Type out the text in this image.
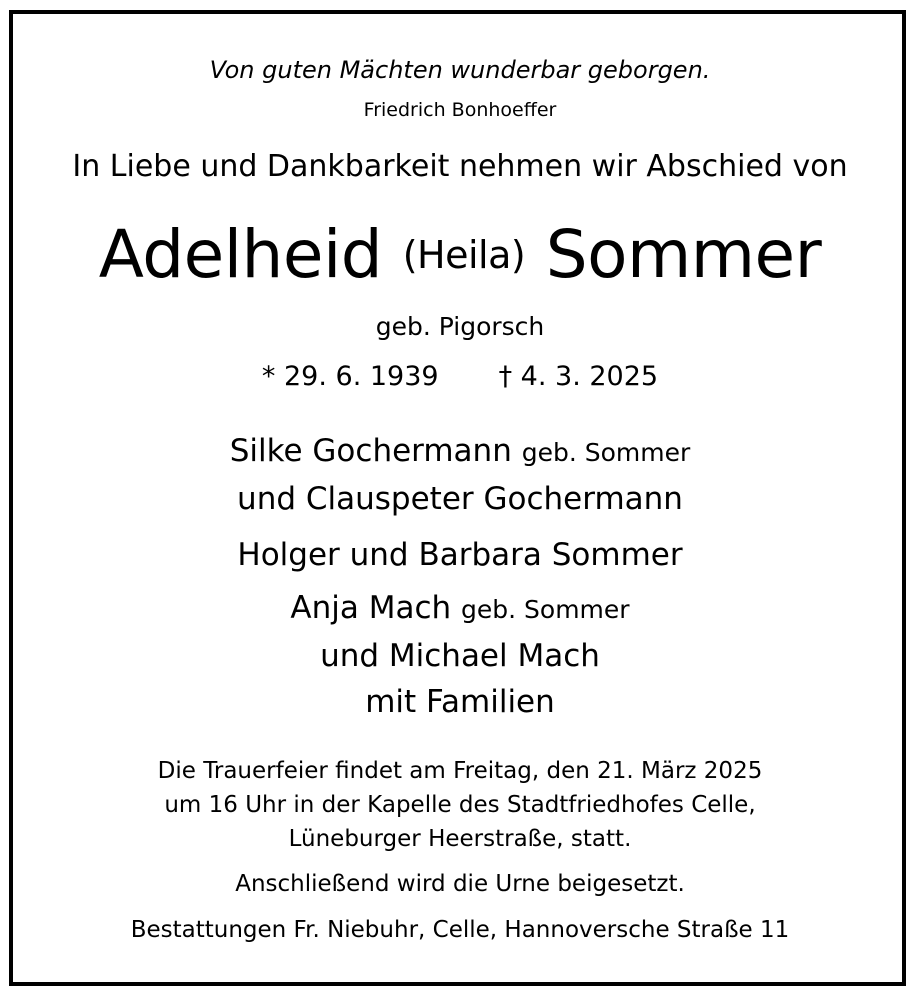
Von guten Mächten wunderbar geborgen.
Friedrich Bonhoeffer
In Liebe und Dankbarkeit nehmen wir Abschied von
Adelheid (Heila) Sommer
geb. Pigorsch
* 29. 6. 1939 † 4. 3. 2025
Silke Gochermann geb. Sommer
und Clauspeter Gochermann
Holger und Barbara Sommer
Anja Mach geb. Sommer
und Michael Mach
mit Familien
Die Trauerfeier findet am Freitag, den 21. März 2025
um 16 Uhr in der Kapelle des Stadtfriedhofes Celle,
Lüneburger Heerstraße, statt.
Anschließend wird die Urne beigesetzt.
Bestattungen Fr. Niebuhr, Celle, Hannoversche Straße 11
